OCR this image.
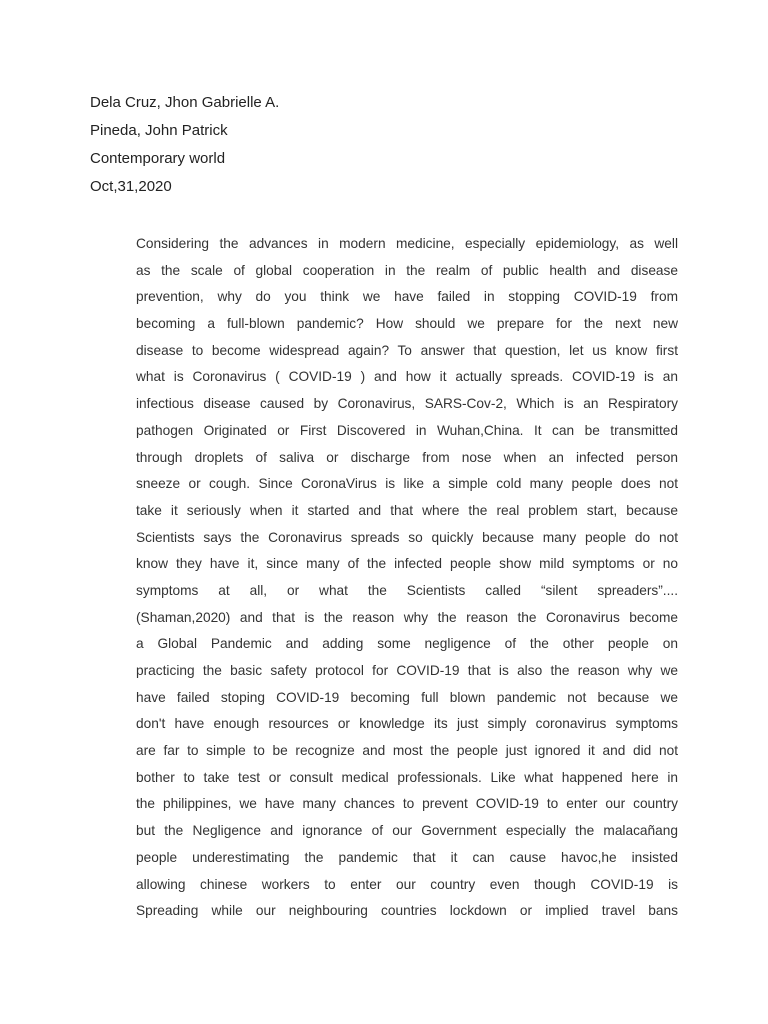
Dela Cruz, Jhon Gabrielle A.
Pineda, John Patrick
Contemporary world
Oct,31,2020
Considering the advances in modern medicine, especially epidemiology, as well
as the scale of global cooperation in the realm of public health and disease
prevention, why do you think we have failed in stopping COVID-19 from
becoming a full-blown pandemic? How should we prepare for the next new
disease to become widespread again? To answer that question, let us know first
what is Coronavirus ( COVID-19 ) and how it actually spreads. COVID-19 is an
infectious disease caused by Coronavirus, SARS-Cov-2, Which is an Respiratory
pathogen Originated or First Discovered in Wuhan,China. It can be transmitted
through droplets of saliva or discharge from nose when an infected person
sneeze or cough. Since CoronaVirus is like a simple cold many people does not
take it seriously when it started and that where the real problem start, because
Scientists says the Coronavirus spreads so quickly because many people do not
know they have it, since many of the infected people show mild symptoms or no
symptoms at all, or what the Scientists called “silent spreaders”....
(Shaman,2020) and that is the reason why the reason the Coronavirus become
a Global Pandemic and adding some negligence of the other people on
practicing the basic safety protocol for COVID-19 that is also the reason why we
have failed stoping COVID-19 becoming full blown pandemic not because we
don't have enough resources or knowledge its just simply coronavirus symptoms
are far to simple to be recognize and most the people just ignored it and did not
bother to take test or consult medical professionals. Like what happened here in
the philippines, we have many chances to prevent COVID-19 to enter our country
but the Negligence and ignorance of our Government especially the malacañang
people underestimating the pandemic that it can cause havoc,he insisted
allowing chinese workers to enter our country even though COVID-19 is
Spreading while our neighbouring countries lockdown or implied travel bans
